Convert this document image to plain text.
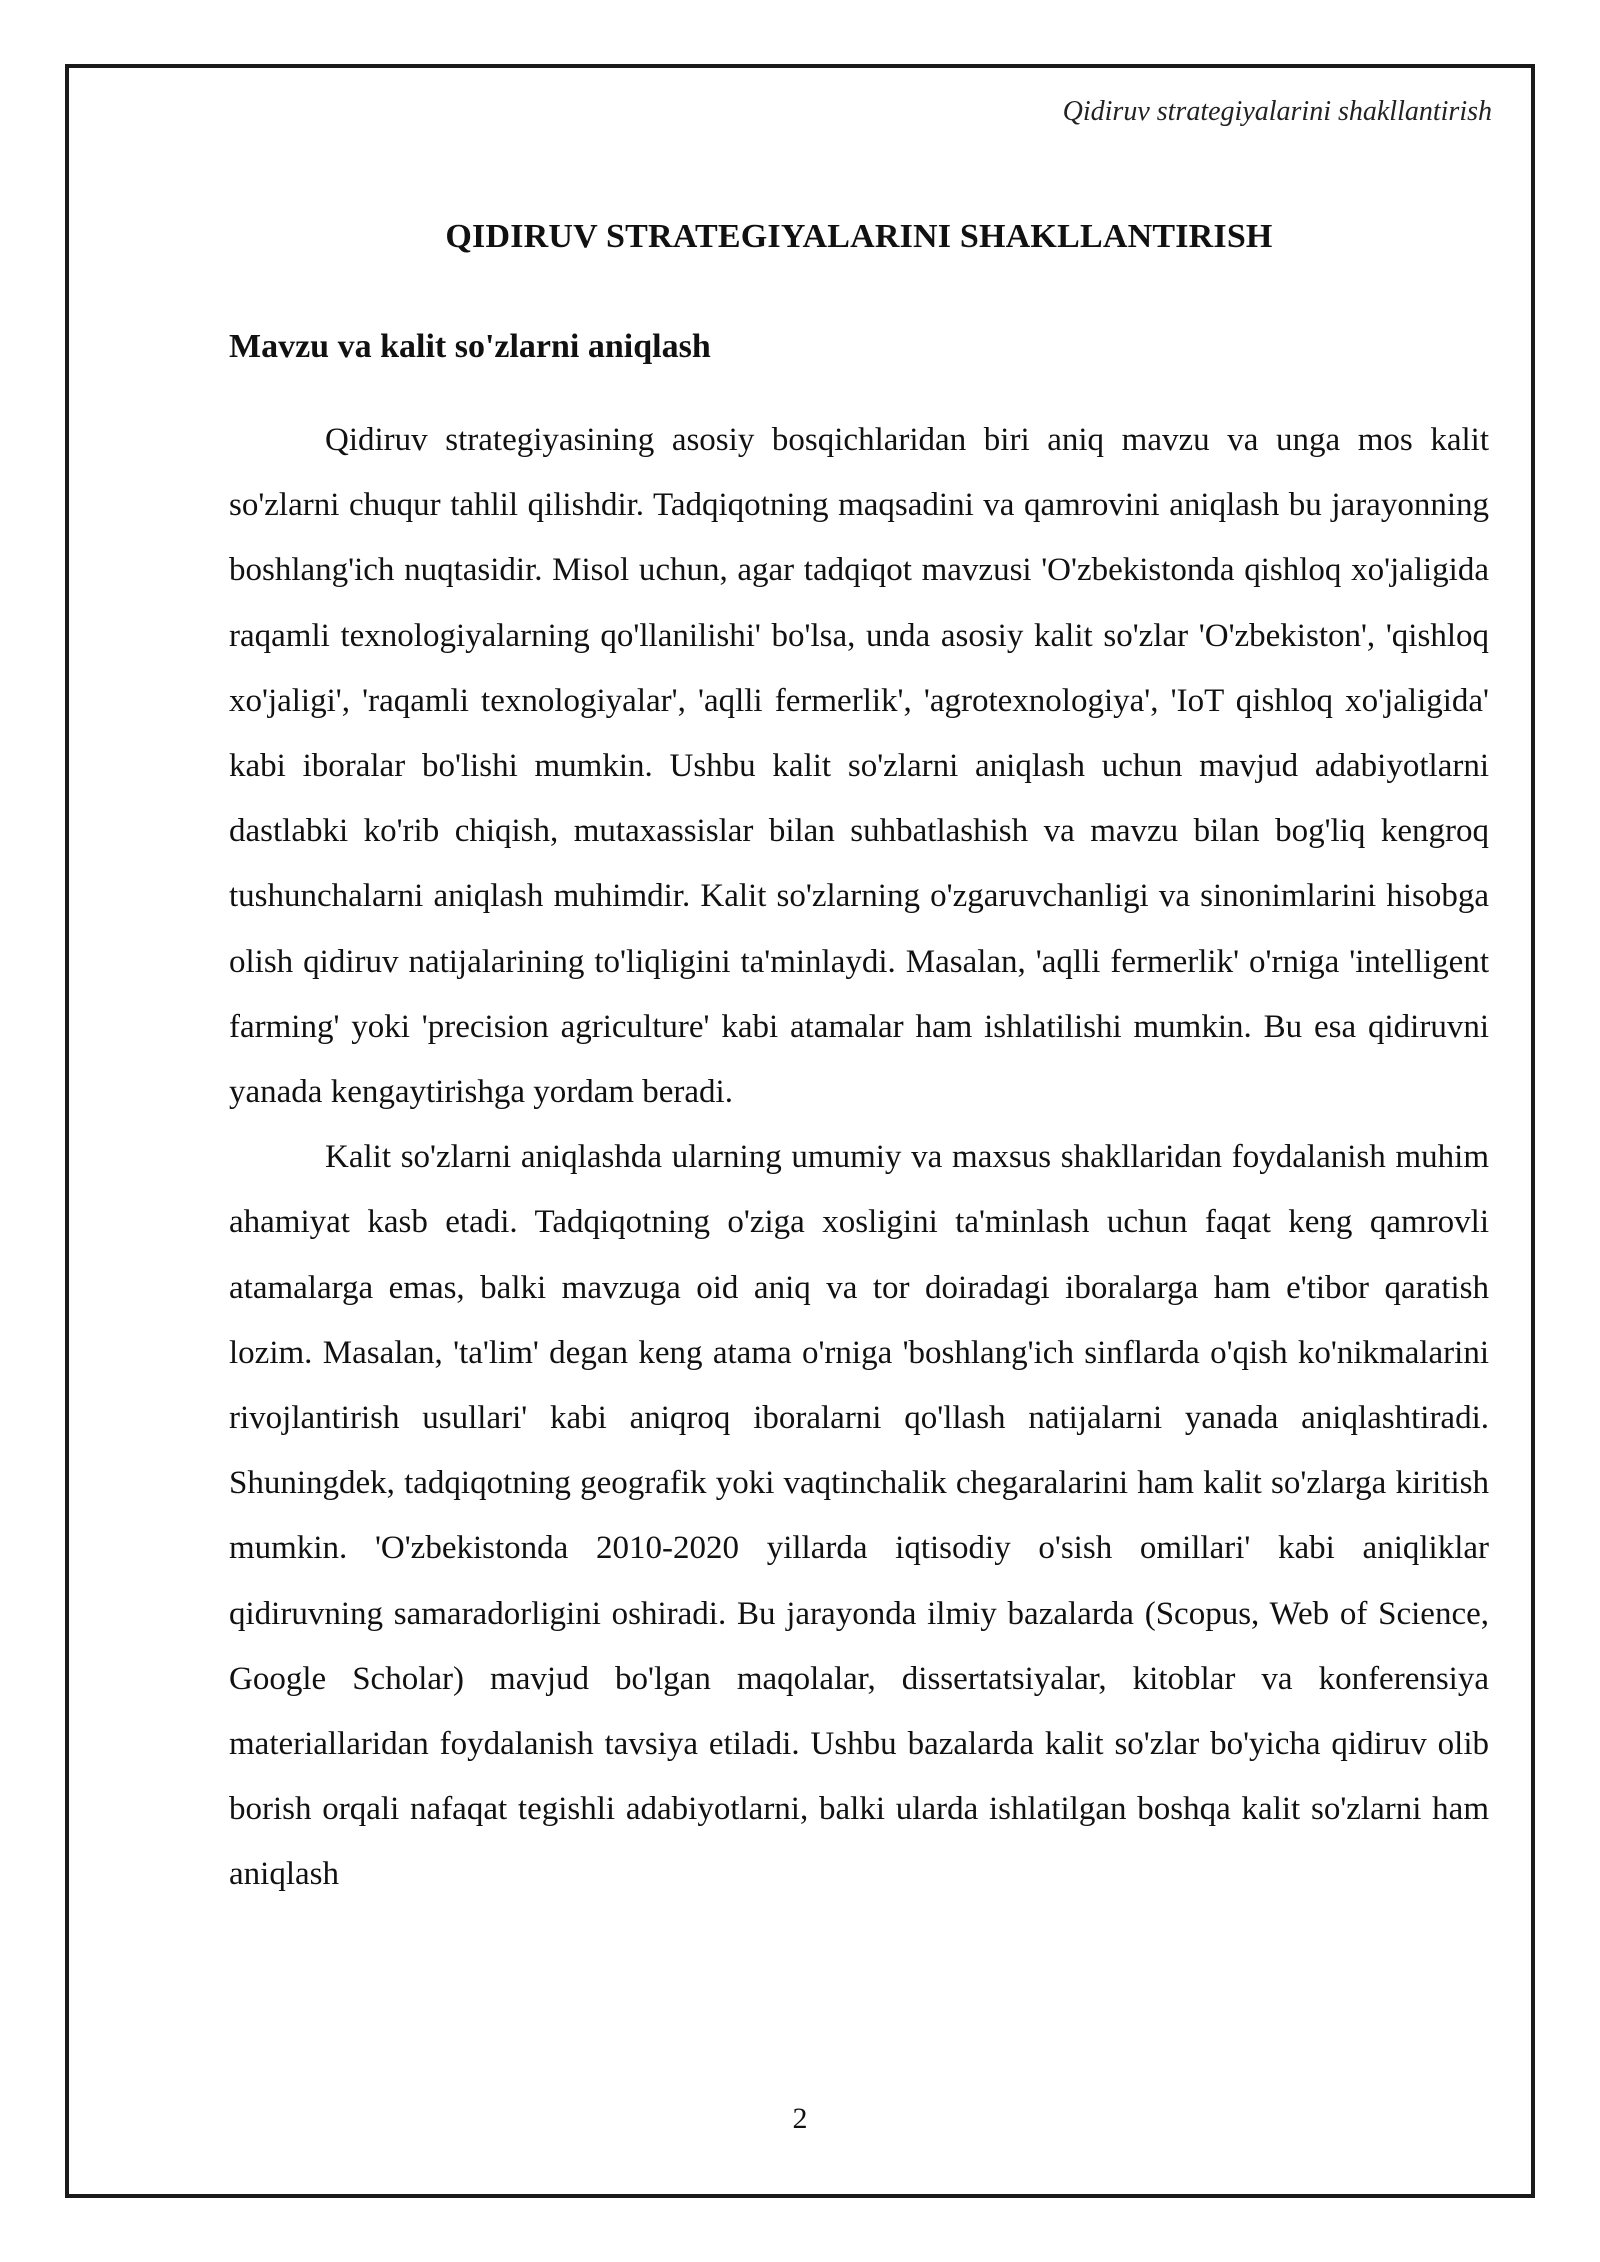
Qidiruv strategiyalarini shakllantirish
QIDIRUV STRATEGIYALARINI SHAKLLANTIRISH
Mavzu va kalit so'zlarni aniqlash

Qidiruv strategiyasining asosiy bosqichlaridan biri aniq mavzu va unga mos kalit so'zlarni chuqur tahlil qilishdir. Tadqiqotning maqsadini va qamrovini aniqlash bu jarayonning boshlang'ich nuqtasidir. Misol uchun, agar tadqiqot mavzusi 'O'zbekistonda qishloq xo'jaligida raqamli texnologiyalarning qo'llanilishi' bo'lsa, unda asosiy kalit so'zlar 'O'zbekiston', 'qishloq xo'jaligi', 'raqamli texnologiyalar', 'aqlli fermerlik', 'agrotexnologiya', 'IoT qishloq xo'jaligida' kabi iboralar bo'lishi mumkin. Ushbu kalit so'zlarni aniqlash uchun mavjud adabiyotlarni dastlabki ko'rib chiqish, mutaxassislar bilan suhbatlashish va mavzu bilan bog'liq kengroq tushunchalarni aniqlash muhimdir. Kalit so'zlarning o'zgaruvchanligi va sinonimlarini hisobga olish qidiruv natijalarining to'liqligini ta'minlaydi. Masalan, 'aqlli fermerlik' o'rniga 'intelligent farming' yoki 'precision agriculture' kabi atamalar ham ishlatilishi mumkin. Bu esa qidiruvni yanada kengaytirishga yordam beradi.

Kalit so'zlarni aniqlashda ularning umumiy va maxsus shakllaridan foydalanish muhim ahamiyat kasb etadi. Tadqiqotning o'ziga xosligini ta'minlash uchun faqat keng qamrovli atamalarga emas, balki mavzuga oid aniq va tor doiradagi iboralarga ham e'tibor qaratish lozim. Masalan, 'ta'lim' degan keng atama o'rniga 'boshlang'ich sinflarda o'qish ko'nikmalarini rivojlantirish usullari' kabi aniqroq iboralarni qo'llash natijalarni yanada aniqlashtiradi. Shuningdek, tadqiqotning geografik yoki vaqtinchalik chegaralarini ham kalit so'zlarga kiritish mumkin. 'O'zbekistonda 2010-2020 yillarda iqtisodiy o'sish omillari' kabi aniqliklar qidiruvning samaradorligini oshiradi. Bu jarayonda ilmiy bazalarda (Scopus, Web of Science, Google Scholar) mavjud bo'lgan maqolalar, dissertatsiyalar, kitoblar va konferensiya materiallaridan foydalanish tavsiya etiladi. Ushbu bazalarda kalit so'zlar bo'yicha qidiruv olib borish orqali nafaqat tegishli adabiyotlarni, balki ularda ishlatilgan boshqa kalit so'zlarni ham aniqlash

2
